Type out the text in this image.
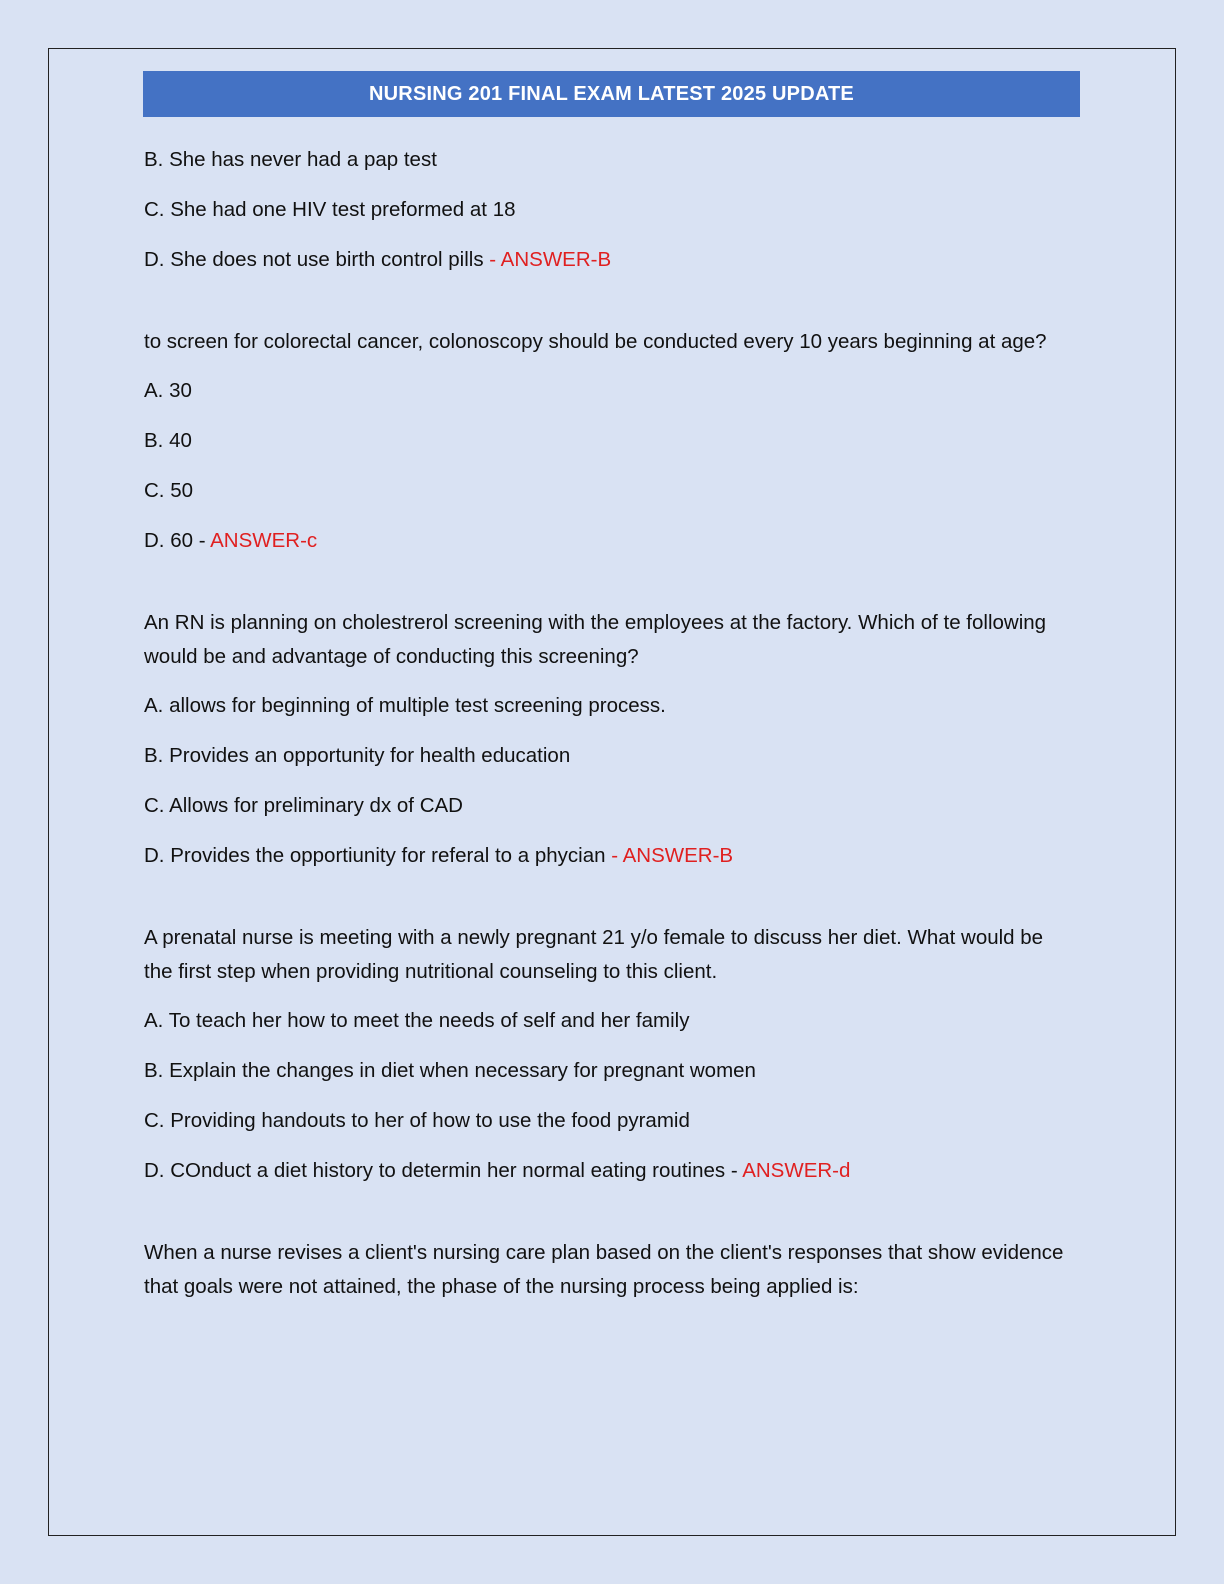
NURSING 201 FINAL EXAM LATEST 2025 UPDATE
B. She has never had a pap test
C. She had one HIV test preformed at 18
D. She does not use birth control pills - ANSWER-B
to screen for colorectal cancer, colonoscopy should be conducted every 10 years beginning at age?
A. 30
B. 40
C. 50
D. 60 - ANSWER-c
An RN is planning on cholestrerol screening with the employees at the factory. Which of te following would be and advantage of conducting this screening?
A. allows for beginning of multiple test screening process.
B. Provides an opportunity for health education
C. Allows for preliminary dx of CAD
D. Provides the opportiunity for referal to a phycian - ANSWER-B
A prenatal nurse is meeting with a newly pregnant 21 y/o female to discuss her diet. What would be the first step when providing nutritional counseling to this client.
A. To teach her how to meet the needs of self and her family
B. Explain the changes in diet when necessary for pregnant women
C. Providing handouts to her of how to use the food pyramid
D. COnduct a diet history to determin her normal eating routines - ANSWER-d
When a nurse revises a client's nursing care plan based on the client's responses that show evidence that goals were not attained, the phase of the nursing process being applied is:
